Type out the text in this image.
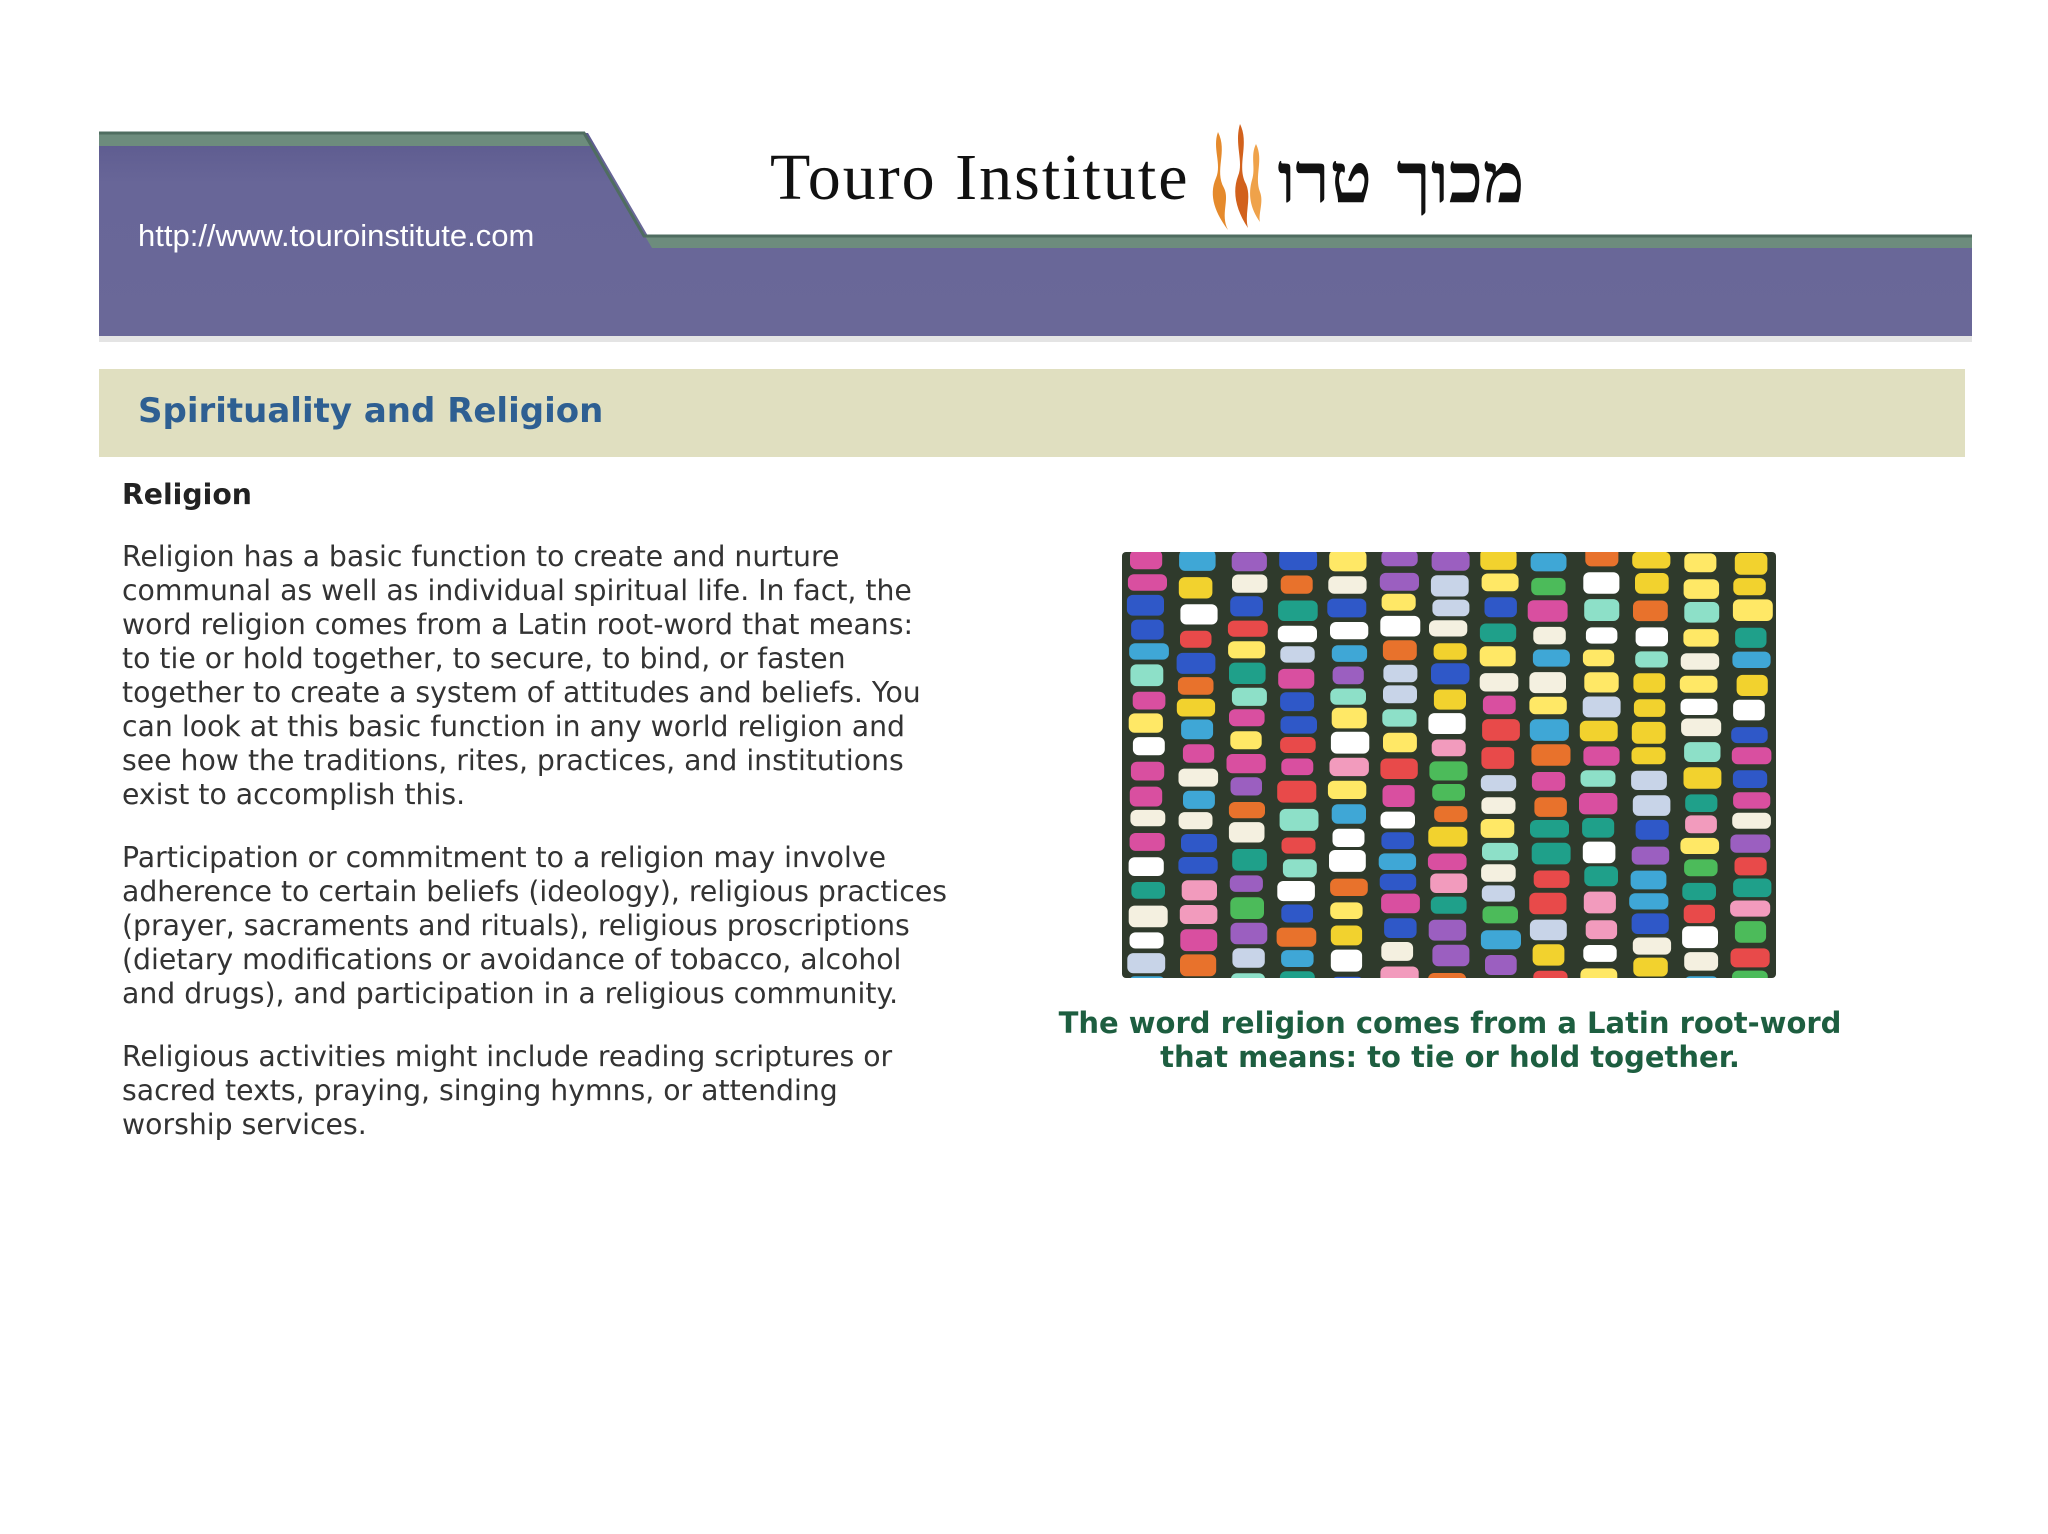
http://www.touroinstitute.com
Touro Institute מכוך טרו
Spirituality and Religion
Religion
Religion has a basic function to create and nurture
communal as well as individual spiritual life. In fact, the
word religion comes from a Latin root-word that means:
to tie or hold together, to secure, to bind, or fasten
together to create a system of attitudes and beliefs. You
can look at this basic function in any world religion and
see how the traditions, rites, practices, and institutions
exist to accomplish this.
Participation or commitment to a religion may involve
adherence to certain beliefs (ideology), religious practices
(prayer, sacraments and rituals), religious proscriptions
(dietary modifications or avoidance of tobacco, alcohol
and drugs), and participation in a religious community.
Religious activities might include reading scriptures or
sacred texts, praying, singing hymns, or attending
worship services.
The word religion comes from a Latin root-word
that means: to tie or hold together.
